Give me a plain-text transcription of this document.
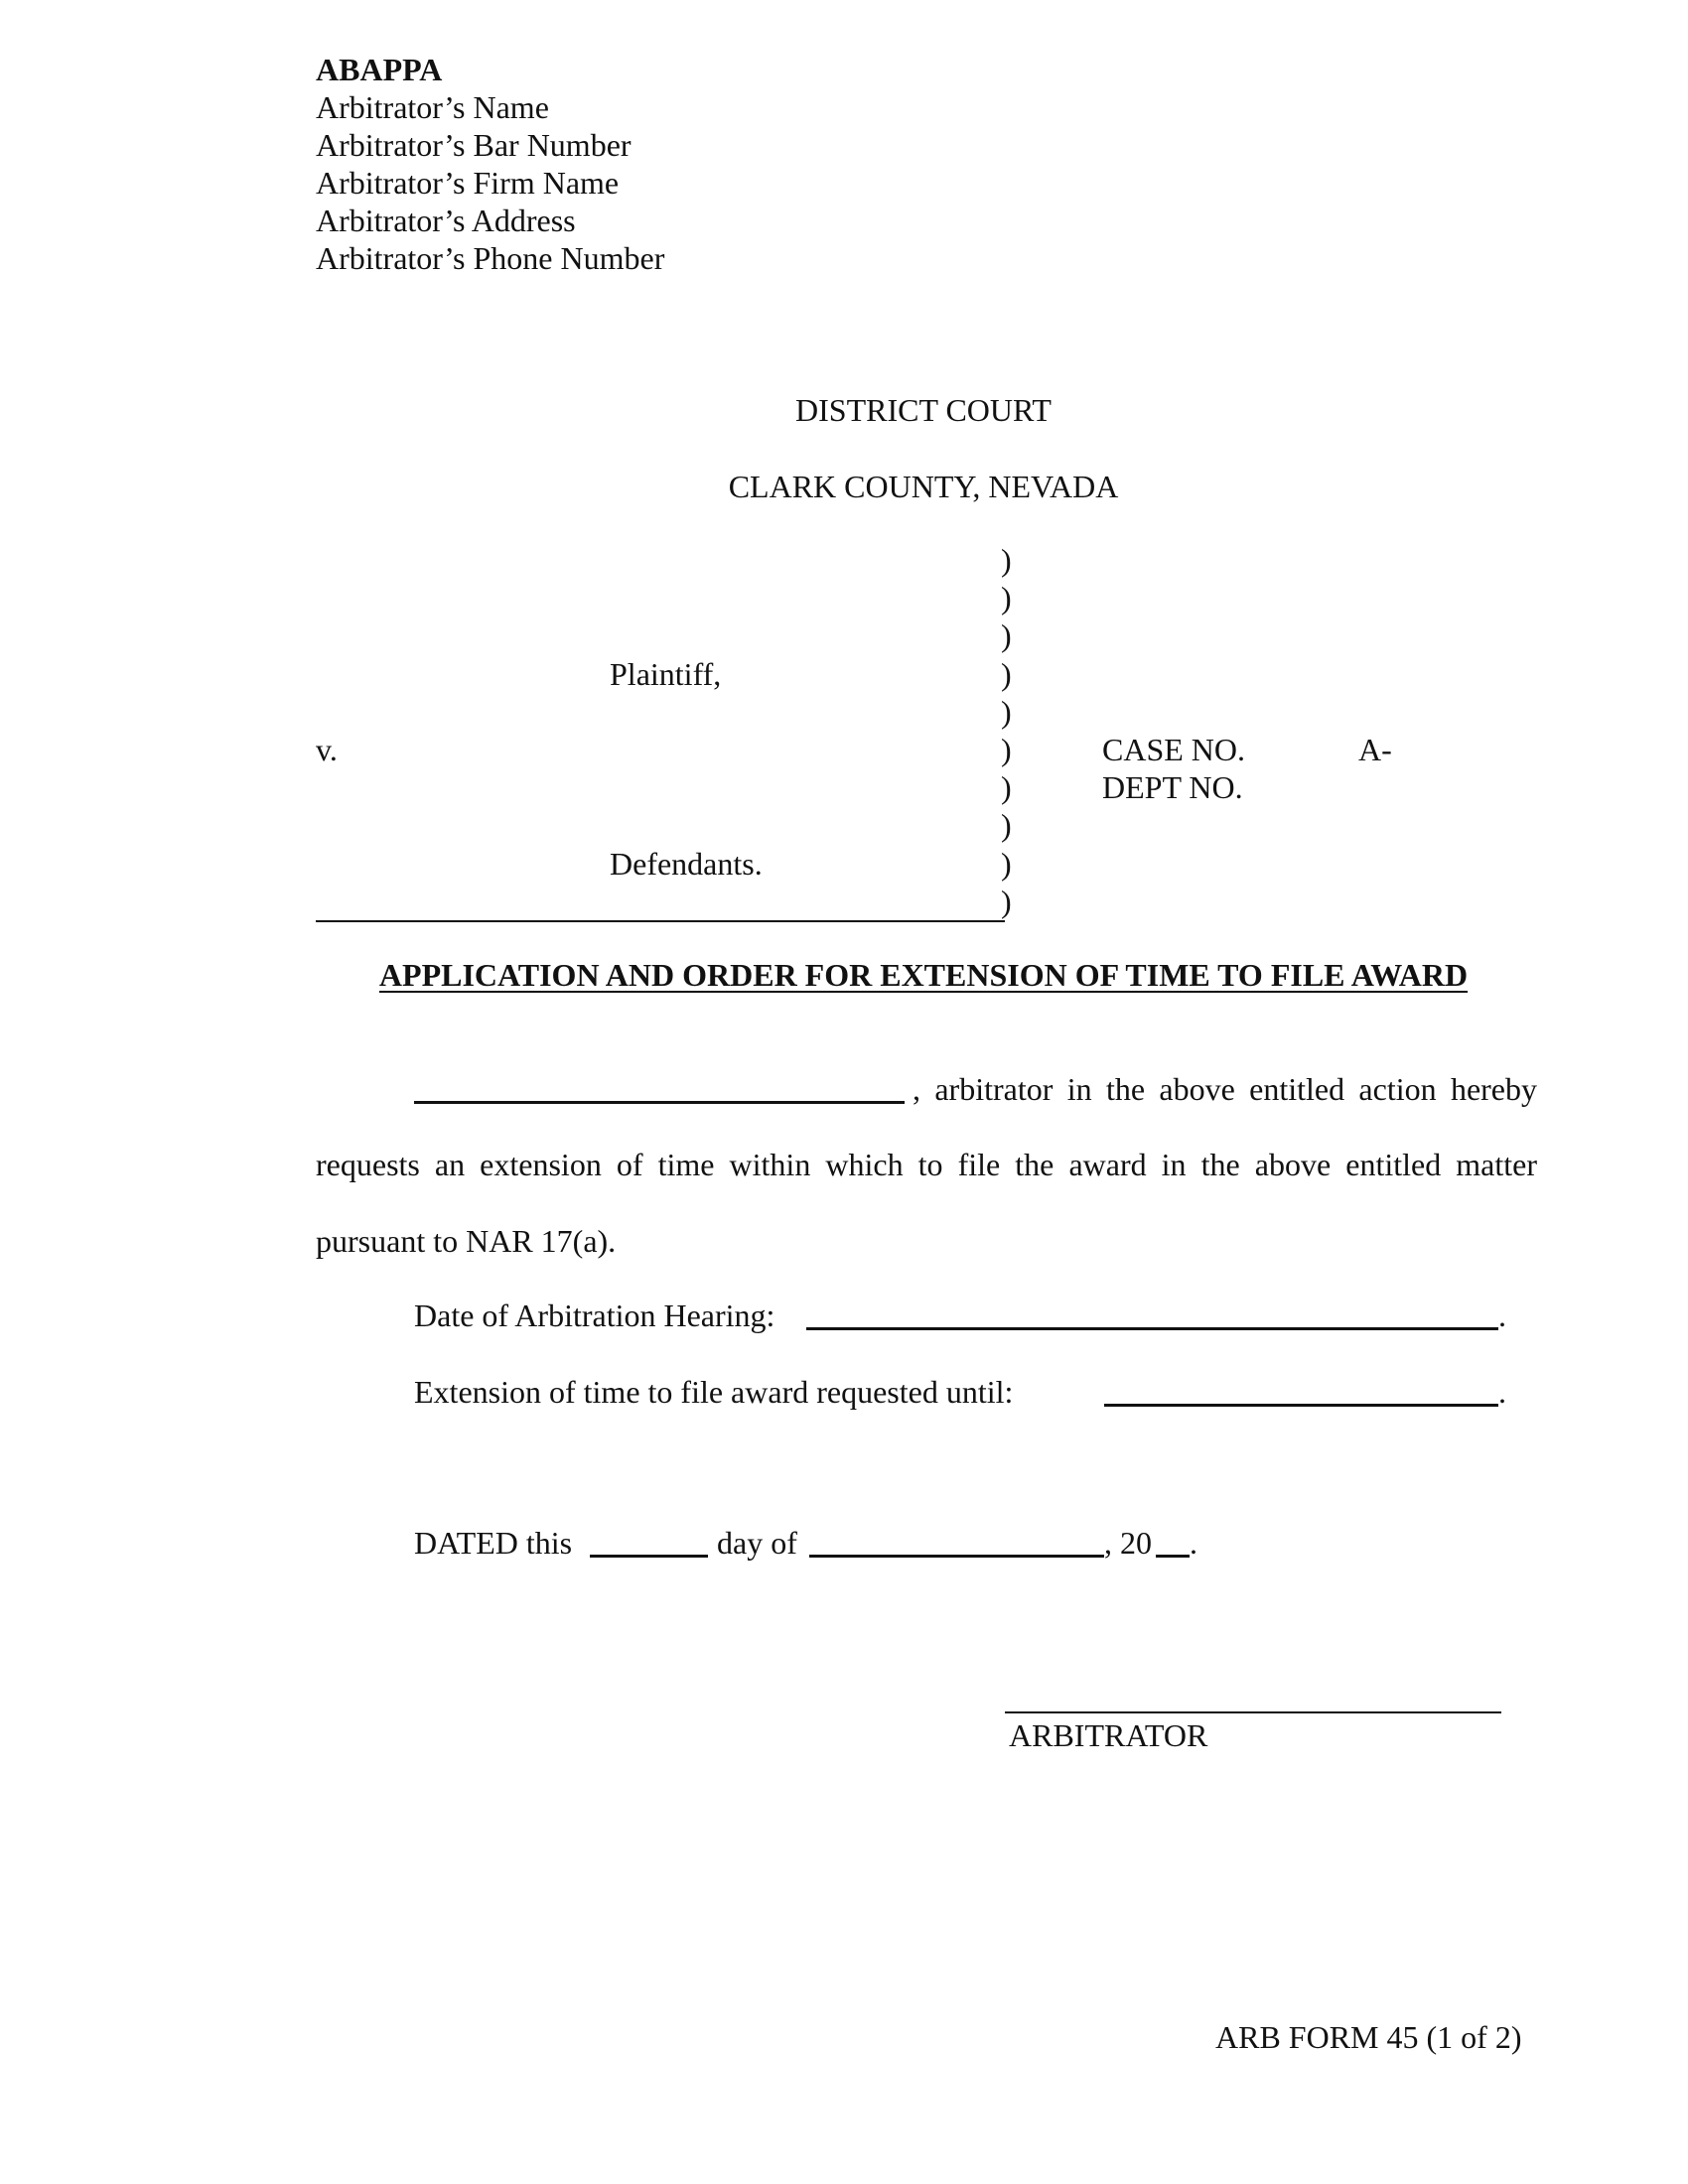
ABAPPA
Arbitrator’s Name
Arbitrator’s Bar Number
Arbitrator’s Firm Name
Arbitrator’s Address
Arbitrator’s Phone Number
DISTRICT COURT
CLARK COUNTY, NEVADA
)
)
)
)
)
)
)
)
)
)
Plaintiff,
v.
Defendants.
CASE NO.	A-
DEPT NO.
APPLICATION AND ORDER FOR EXTENSION OF TIME TO FILE AWARD
, arbitrator in the above entitled action hereby
requests an extension of time within which to file the award in the above entitled matter
pursuant to NAR 17(a).
Date of Arbitration Hearing:	.
Extension of time to file award requested until:	.
DATED this	day of	, 20 .
ARBITRATOR
ARB FORM 45 (1 of 2)
